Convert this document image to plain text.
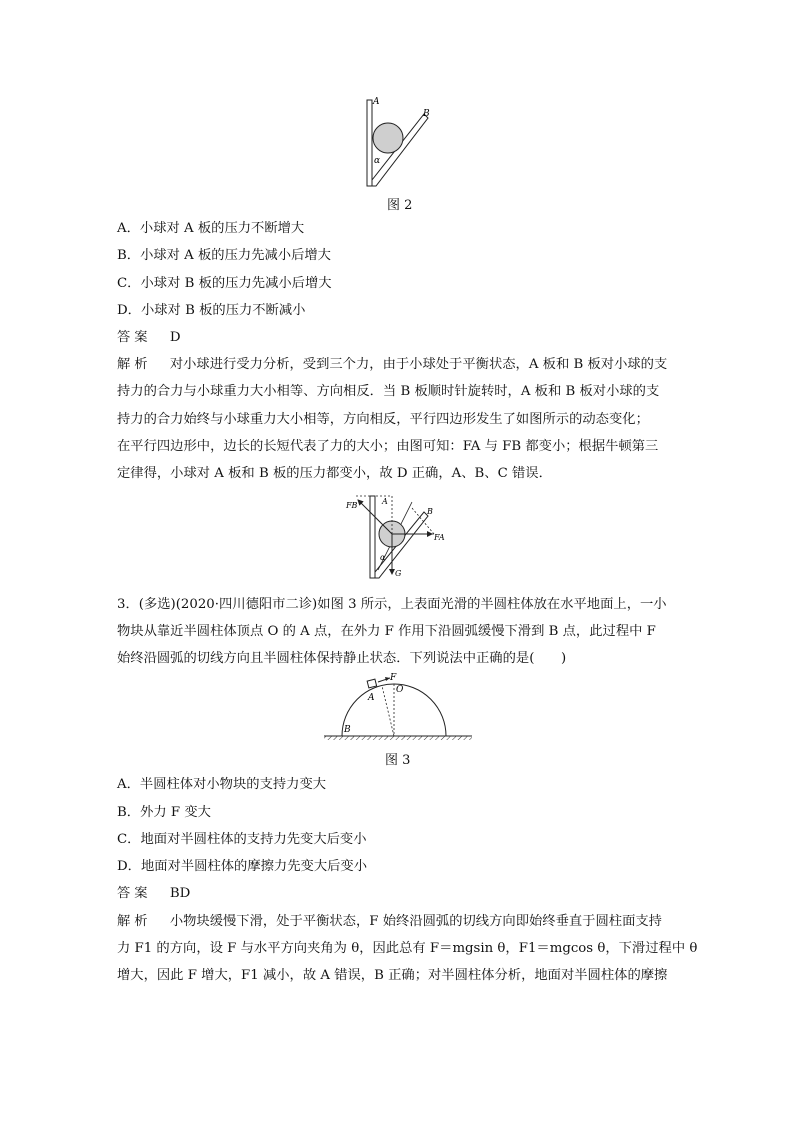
A
B
α
图 2
A．小球对 A 板的压力不断增大
B．小球对 A 板的压力先减小后增大
C．小球对 B 板的压力先减小后增大
D．小球对 B 板的压力不断减小
答案 D
解析 对小球进行受力分析，受到三个力，由于小球处于平衡状态，A 板和 B 板对小球的支
持力的合力与小球重力大小相等、方向相反．当 B 板顺时针旋转时，A 板和 B 板对小球的支
持力的合力始终与小球重力大小相等，方向相反，平行四边形发生了如图所示的动态变化；
在平行四边形中，边长的长短代表了力的大小；由图可知：FA 与 FB 都变小；根据牛顿第三
定律得，小球对 A 板和 B 板的压力都变小，故 D 正确，A、B、C 错误．
FB	A
B
FA
α
G
3．(多选)(2020·四川德阳市二诊)如图 3 所示，上表面光滑的半圆柱体放在水平地面上，一小
物块从靠近半圆柱体顶点 O 的 A 点，在外力 F 作用下沿圆弧缓慢下滑到 B 点，此过程中 F
始终沿圆弧的切线方向且半圆柱体保持静止状态．下列说法中正确的是(　　)
F
O
A
B
图 3
A．半圆柱体对小物块的支持力变大
B．外力 F 变大
C．地面对半圆柱体的支持力先变大后变小
D．地面对半圆柱体的摩擦力先变大后变小
答案 BD
解析 小物块缓慢下滑，处于平衡状态，F 始终沿圆弧的切线方向即始终垂直于圆柱面支持
力 F1 的方向，设 F 与水平方向夹角为 θ，因此总有 F＝mgsin θ，F1＝mgcos θ，下滑过程中 θ
增大，因此 F 增大，F1 减小，故 A 错误，B 正确；对半圆柱体分析，地面对半圆柱体的摩擦
